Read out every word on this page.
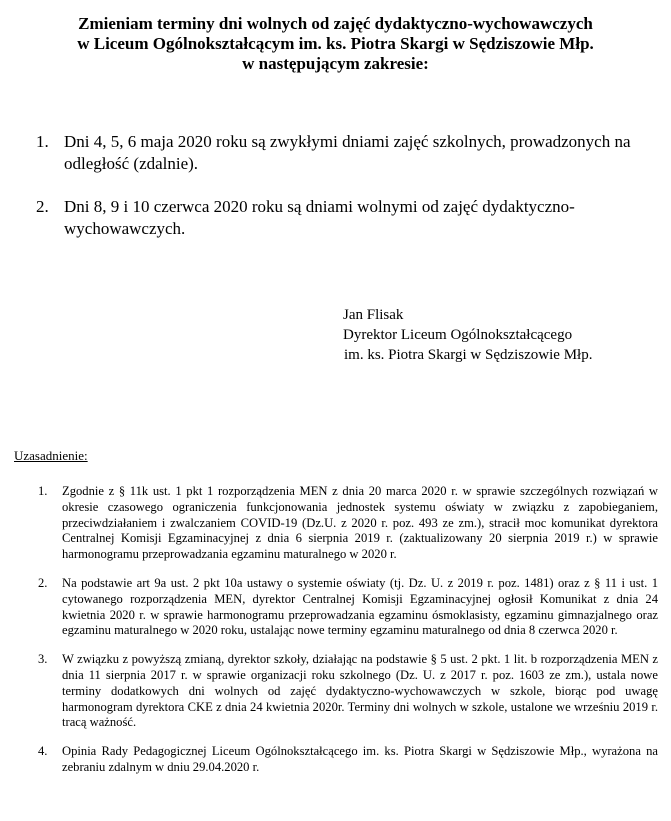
Zmieniam terminy dni wolnych od zajęć dydaktyczno-wychowawczych
w Liceum Ogólnokształcącym im. ks. Piotra Skargi w Sędziszowie Młp.
w następującym zakresie:
1. Dni 4, 5, 6 maja 2020 roku są zwykłymi dniami zajęć szkolnych, prowadzonych na odległość (zdalnie).
2. Dni 8, 9 i 10 czerwca 2020 roku są dniami wolnymi od zajęć dydaktyczno-wychowawczych.
Jan Flisak
Dyrektor Liceum Ogólnokształcącego
im. ks. Piotra Skargi w Sędziszowie Młp.
Uzasadnienie:
1. Zgodnie z § 11k ust. 1 pkt 1 rozporządzenia MEN z dnia 20 marca 2020 r. w sprawie szczególnych rozwiązań w okresie czasowego ograniczenia funkcjonowania jednostek systemu oświaty w związku z zapobieganiem, przeciwdziałaniem i zwalczaniem COVID-19 (Dz.U. z 2020 r. poz. 493 ze zm.), stracił moc komunikat dyrektora Centralnej Komisji Egzaminacyjnej z dnia 6 sierpnia 2019 r. (zaktualizowany 20 sierpnia 2019 r.) w sprawie harmonogramu przeprowadzania egzaminu maturalnego w 2020 r.
2. Na podstawie art 9a ust. 2 pkt 10a ustawy o systemie oświaty (tj. Dz. U. z 2019 r. poz. 1481) oraz z § 11 i ust. 1 cytowanego rozporządzenia MEN, dyrektor Centralnej Komisji Egzaminacyjnej ogłosił Komunikat z dnia 24 kwietnia 2020 r. w sprawie harmonogramu przeprowadzania egzaminu ósmoklasisty, egzaminu gimnazjalnego oraz egzaminu maturalnego w 2020 roku, ustalając nowe terminy egzaminu maturalnego od dnia 8 czerwca 2020 r.
3. W związku z powyższą zmianą, dyrektor szkoły, działając na podstawie § 5 ust. 2 pkt. 1 lit. b rozporządzenia MEN z dnia 11 sierpnia 2017 r. w sprawie organizacji roku szkolnego (Dz. U. z 2017 r. poz. 1603 ze zm.), ustala nowe terminy dodatkowych dni wolnych od zajęć dydaktyczno-wychowawczych w szkole, biorąc pod uwagę harmonogram dyrektora CKE z dnia 24 kwietnia 2020r. Terminy dni wolnych w szkole, ustalone we wrześniu 2019 r. tracą ważność.
4. Opinia Rady Pedagogicznej Liceum Ogólnokształcącego im. ks. Piotra Skargi w Sędziszowie Młp., wyrażona na zebraniu zdalnym w dniu 29.04.2020 r.
